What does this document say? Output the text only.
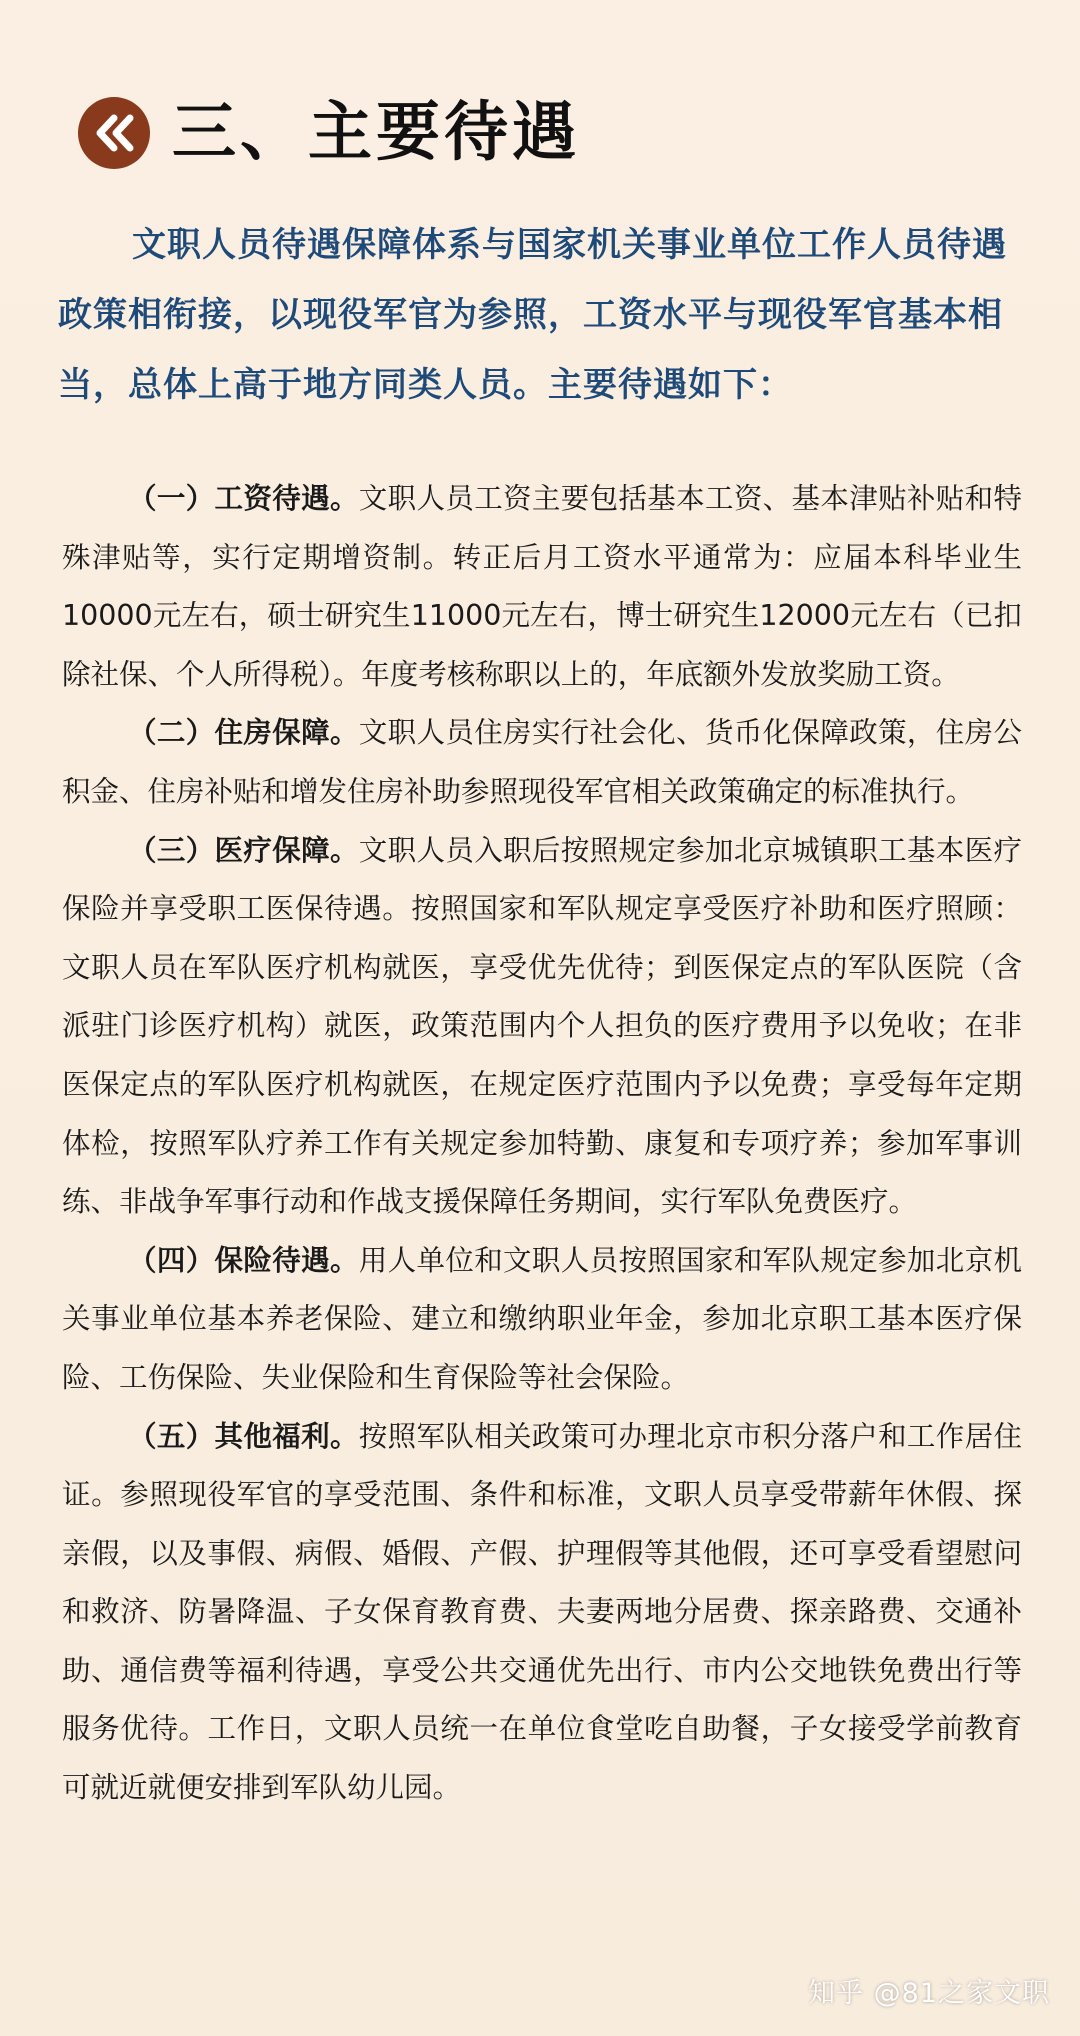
三、主要待遇
文职人员待遇保障体系与国家机关事业单位工作人员待遇政策相衔接，以现役军官为参照，工资水平与现役军官基本相当，总体上高于地方同类人员。主要待遇如下：

（一）工资待遇。文职人员工资主要包括基本工资、基本津贴补贴和特殊津贴等，实行定期增资制。转正后月工资水平通常为：应届本科毕业生10000元左右，硕士研究生11000元左右，博士研究生12000元左右（已扣除社保、个人所得税）。年度考核称职以上的，年底额外发放奖励工资。

（二）住房保障。文职人员住房实行社会化、货币化保障政策，住房公积金、住房补贴和增发住房补助参照现役军官相关政策确定的标准执行。

（三）医疗保障。文职人员入职后按照规定参加北京城镇职工基本医疗保险并享受职工医保待遇。按照国家和军队规定享受医疗补助和医疗照顾：文职人员在军队医疗机构就医，享受优先优待；到医保定点的军队医院（含派驻门诊医疗机构）就医，政策范围内个人担负的医疗费用予以免收；在非医保定点的军队医疗机构就医，在规定医疗范围内予以免费；享受每年定期体检，按照军队疗养工作有关规定参加特勤、康复和专项疗养；参加军事训练、非战争军事行动和作战支援保障任务期间，实行军队免费医疗。

（四）保险待遇。用人单位和文职人员按照国家和军队规定参加北京机关事业单位基本养老保险、建立和缴纳职业年金，参加北京职工基本医疗保险、工伤保险、失业保险和生育保险等社会保险。

（五）其他福利。按照军队相关政策可办理北京市积分落户和工作居住证。参照现役军官的享受范围、条件和标准，文职人员享受带薪年休假、探亲假，以及事假、病假、婚假、产假、护理假等其他假，还可享受看望慰问和救济、防暑降温、子女保育教育费、夫妻两地分居费、探亲路费、交通补助、通信费等福利待遇，享受公共交通优先出行、市内公交地铁免费出行等服务优待。工作日，文职人员统一在单位食堂吃自助餐，子女接受学前教育可就近就便安排到军队幼儿园。

知乎 @81之家文职
